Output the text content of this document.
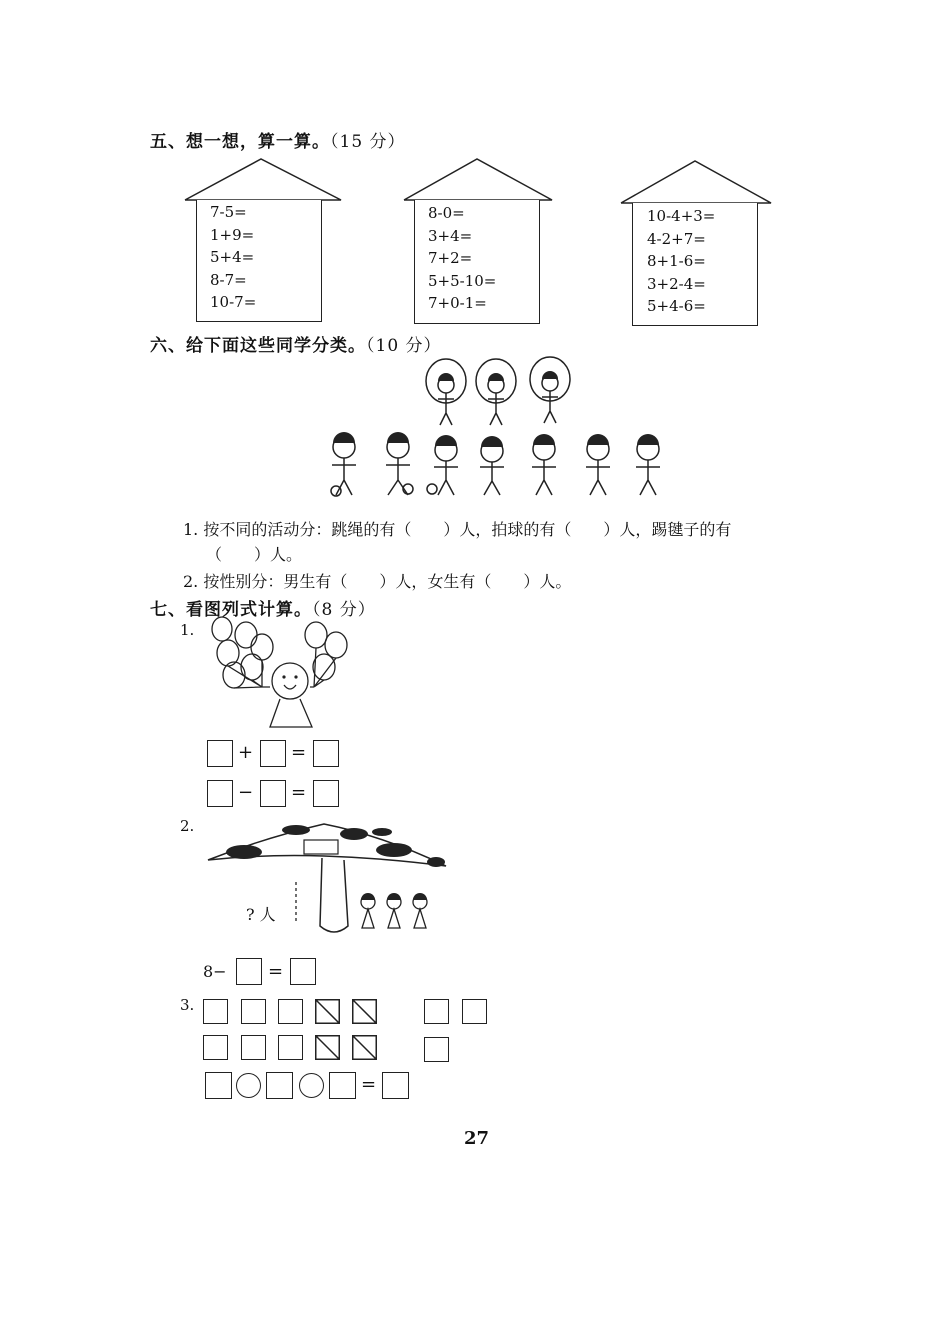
五、想一想，算一算。（15 分）
7-5=
1+9=
5+4=
8-7=
10-7=
8-0=
3+4=
7+2=
5+5-10=
7+0-1=
10-4+3=
4-2+7=
8+1-6=
3+2-4=
5+4-6=
六、给下面这些同学分类。（10 分）
1. 按不同的活动分：跳绳的有（　　）人，拍球的有（　　）人，踢毽子的有
（　　）人。
2. 按性别分：男生有（　　）人，女生有（　　）人。
七、看图列式计算。（8 分）
1.
+ =
− =
2.
? 人
8− =
3.
=
27
